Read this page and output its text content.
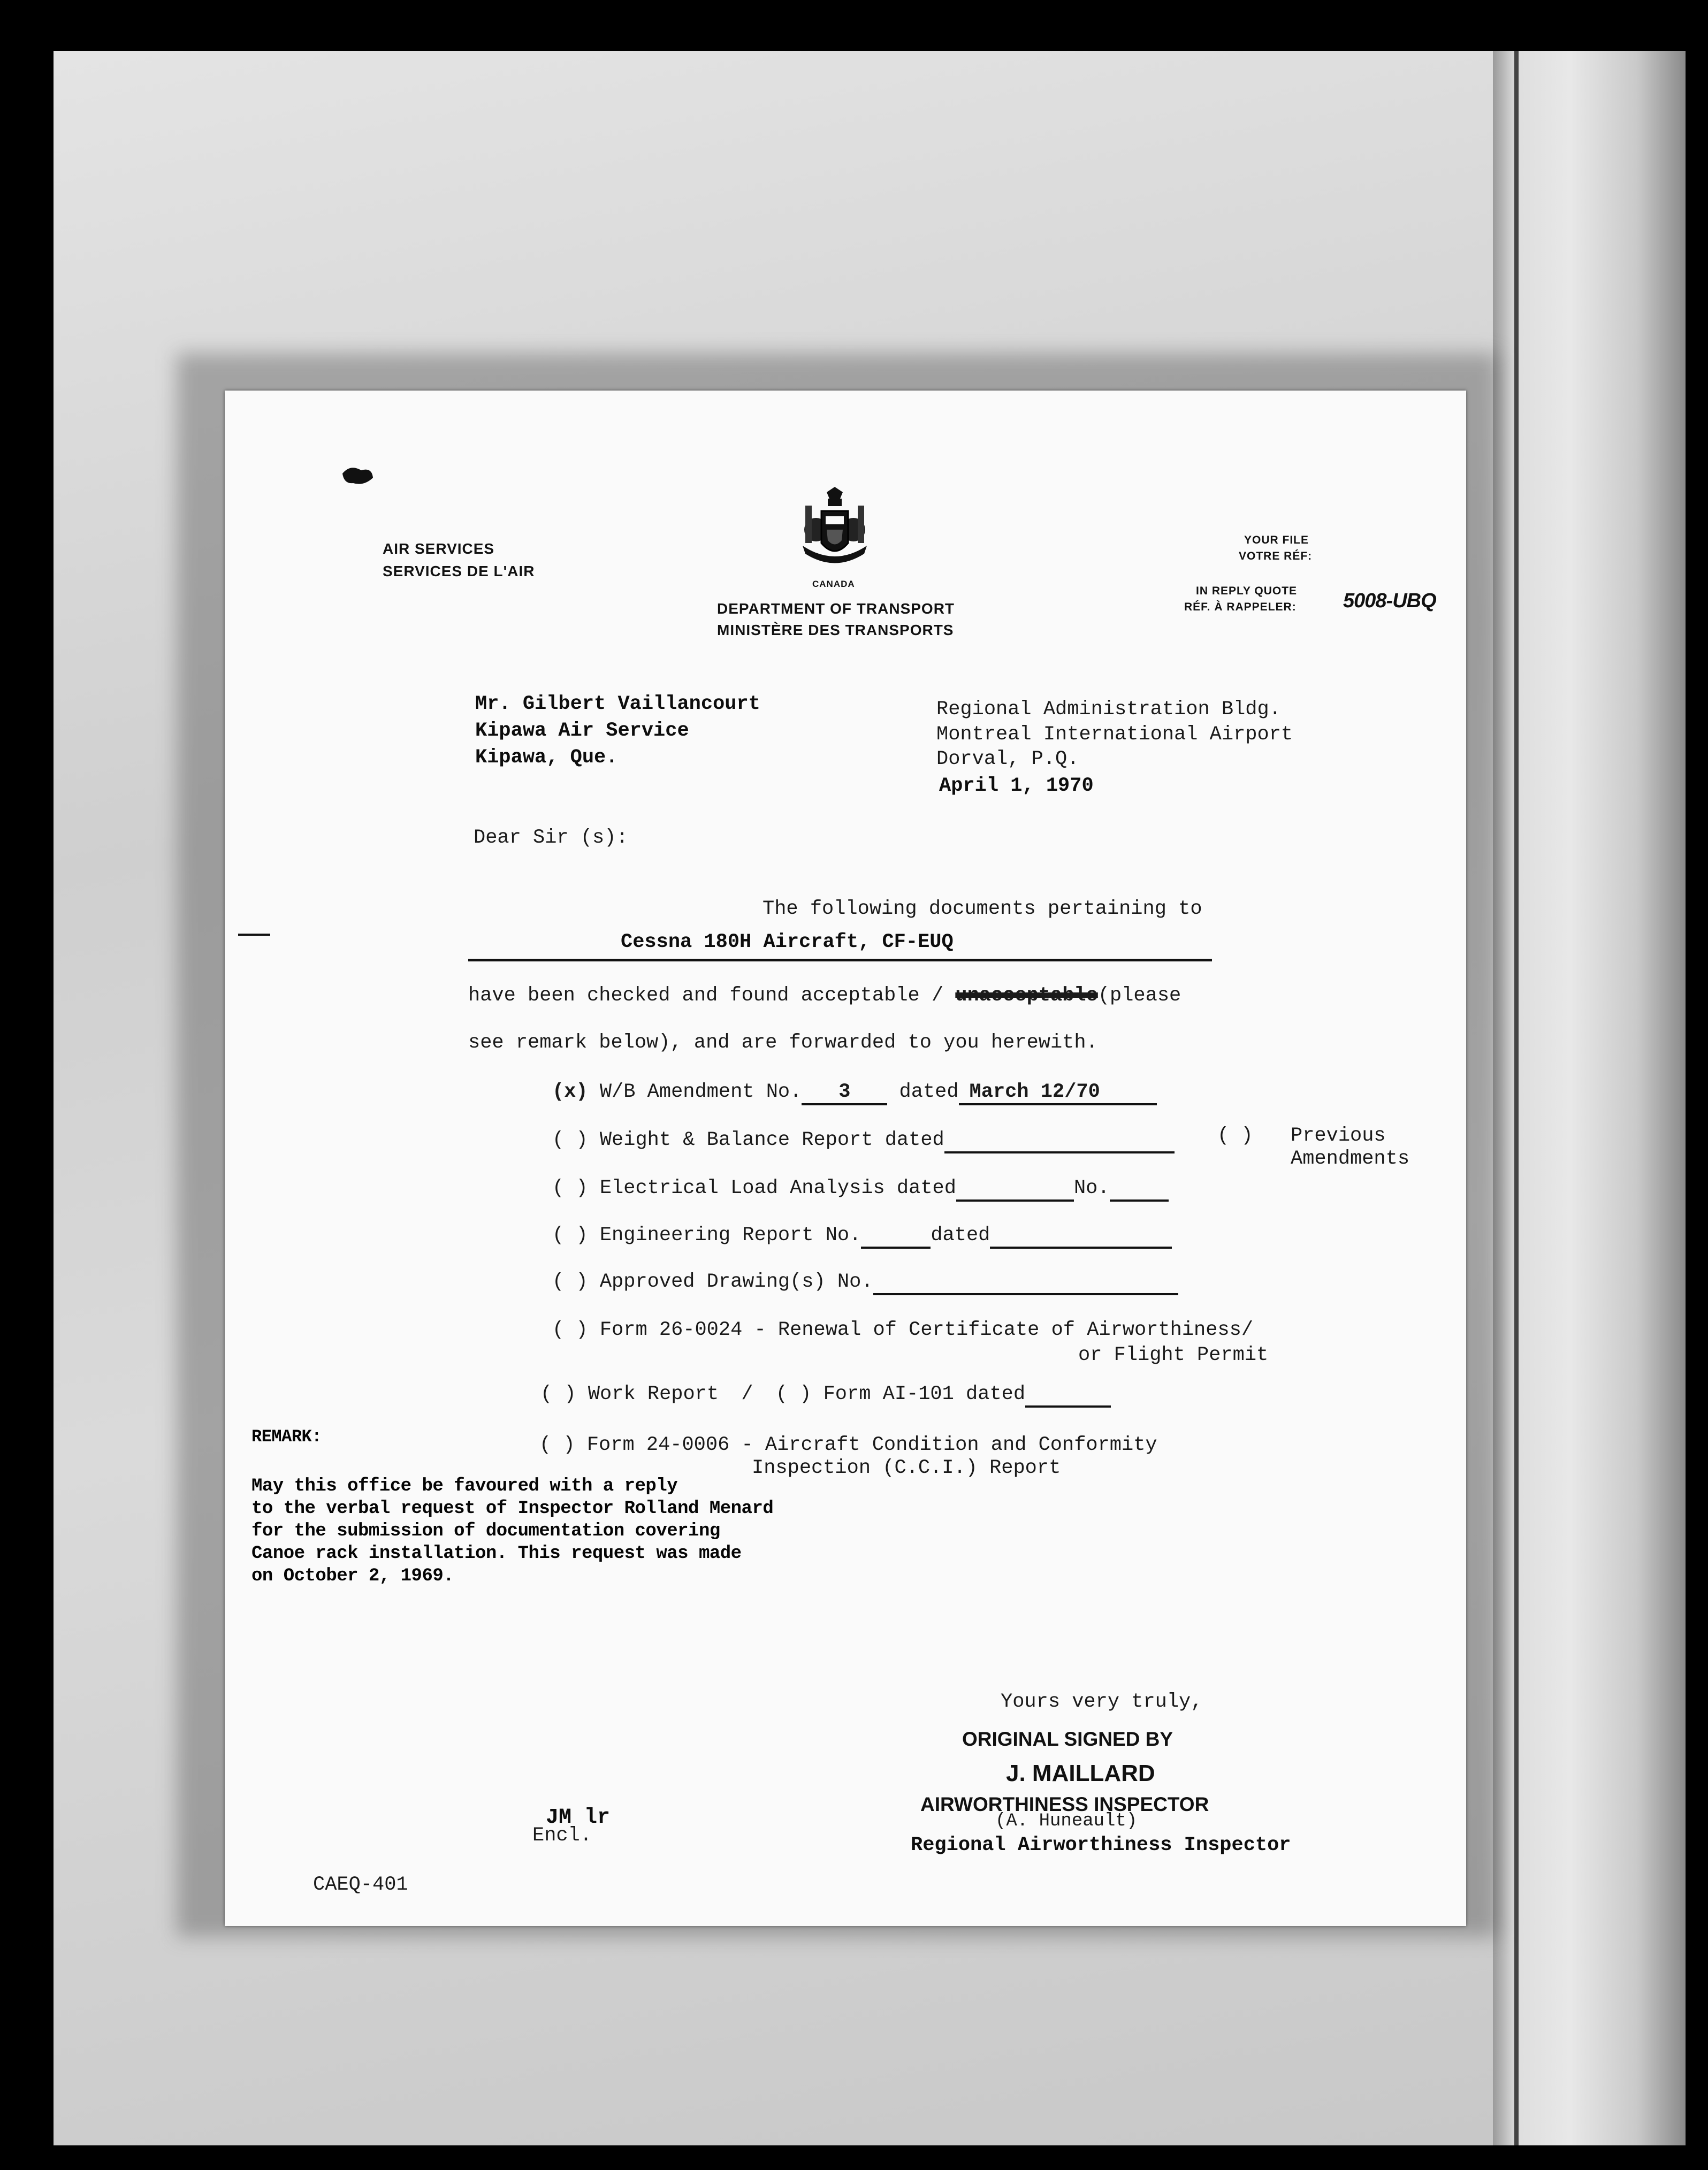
AIR SERVICES
SERVICES DE L'AIR
CANADA
DEPARTMENT OF TRANSPORT
MINISTÈRE DES TRANSPORTS
YOUR FILE
VOTRE RÉF:
IN REPLY QUOTE
RÉF. À RAPPELER: 5008-UBQ
Mr. Gilbert Vaillancourt
Kipawa Air Service
Kipawa, Que.
Regional Administration Bldg.
Montreal International Airport
Dorval, P.Q.
April 1, 1970
Dear Sir (s):
The following documents pertaining to
Cessna 180H Aircraft, CF-EUQ
have been checked and found acceptable / unacceptable(please
see remark below), and are forwarded to you herewith.
(x) W/B Amendment No. 3 dated March 12/70
( ) Previous
Amendments
( ) Weight & Balance Report dated
( ) Electrical Load Analysis dated	No.
( ) Engineering Report No.	dated
( ) Approved Drawing(s) No.
( ) Form 26-0024 - Renewal of Certificate of Airworthiness/
or Flight Permit
( ) Work Report / ( ) Form AI-101 dated
REMARK:	( ) Form 24-0006 - Aircraft Condition and Conformity
Inspection (C.C.I.) Report
May this office be favoured with a reply
to the verbal request of Inspector Rolland Menard
for the submission of documentation covering
Canoe rack installation. This request was made
on October 2, 1969.
Yours very truly,
ORIGINAL SIGNED BY
J. MAILLARD
AIRWORTHINESS INSPECTOR
(A. Huneault)
Regional Airworthiness Inspector
JM lr
Encl.
CAEQ-401
